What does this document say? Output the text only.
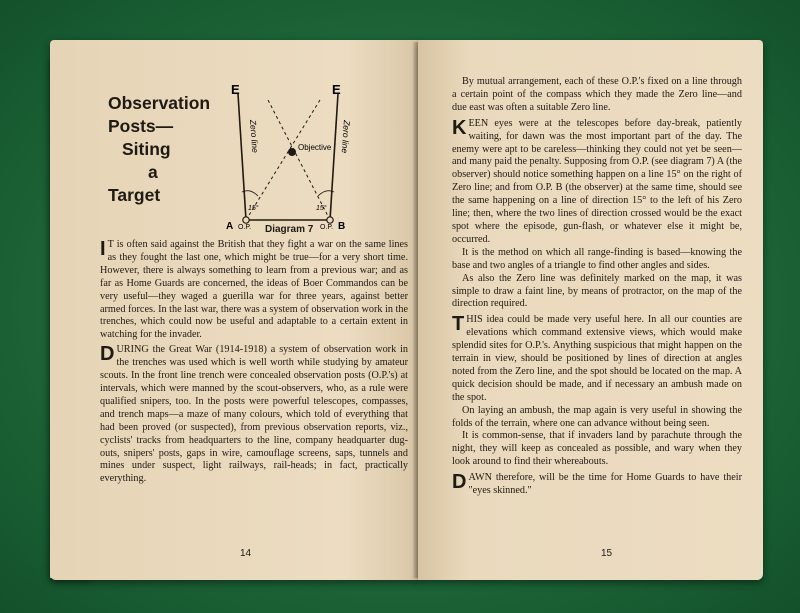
Observation
Posts—
Siting
a
Target
E	E
Zero line	Zero line
Objective
15°	15°
A O.P.	O.P. B
Diagram 7

I T is often said against the British that they fight a war on the same lines as they fought the last one, which might be true—for a very short time. However, there is always something to learn from a previous war; and as far as Home Guards are concerned, the ideas of Boer Commandos can be very useful—they waged a guerilla war for three years, against better armed forces. In the last war, there was a system of observation work in the trenches, which could now be useful and adaptable to a certain extent in watching for the invader.

DURING the Great War (1914-1918) a system of observation work in the trenches was used which is well worth while studying by amateur scouts. In the front line trench were concealed observation posts (O.P.'s) at intervals, which were manned by the scout-observers, who, as a rule were qualified snipers, too. In the posts were powerful telescopes, compasses, and trench maps—a maze of many colours, which told of everything that had been proved (or suspected), from previous observation reports, viz., cyclists' tracks from headquarters to the line, company headquarter dug-outs, snipers' posts, gaps in wire, camouflage screens, saps, tunnels and mines under suspect, light railways, rail-heads; in fact, practically everything.

14

By mutual arrangement, each of these O.P.'s fixed on a line through a certain point of the compass which they made the Zero line—and due east was often a suitable Zero line.

KEEN eyes were at the telescopes before day-break, patiently waiting, for dawn was the most important part of the day. The enemy were apt to be careless—thinking they could not yet be seen—and many paid the penalty. Supposing from O.P. (see diagram 7) A (the observer) should notice something happen on a line 15° on the right of Zero line; and from O.P. B (the observer) at the same time, should see the same happening on a line of direction 15° to the left of his Zero line; then, where the two lines of direction crossed would be the exact spot where the episode, gun-flash, or whatever else it might be, occurred.

It is the method on which all range-finding is based—knowing the base and two angles of a triangle to find other angles and sides.

As also the Zero line was definitely marked on the map, it was simple to draw a faint line, by means of protractor, on the map of the direction required.

THIS idea could be made very useful here. In all our counties are elevations which command extensive views, which would make splendid sites for O.P.'s. Anything suspicious that might happen on the terrain in view, should be positioned by lines of direction at angles noted from the Zero line, and the spot should be located on the map. A quick decision should be made, and if necessary an ambush made on the spot.

On laying an ambush, the map again is very useful in showing the folds of the terrain, where one can advance without being seen.

It is common-sense, that if invaders land by parachute through the night, they will keep as concealed as possible, and wary when they look around to find their whereabouts.

DAWN therefore, will be the time for Home Guards to have their "eyes skinned."

15
